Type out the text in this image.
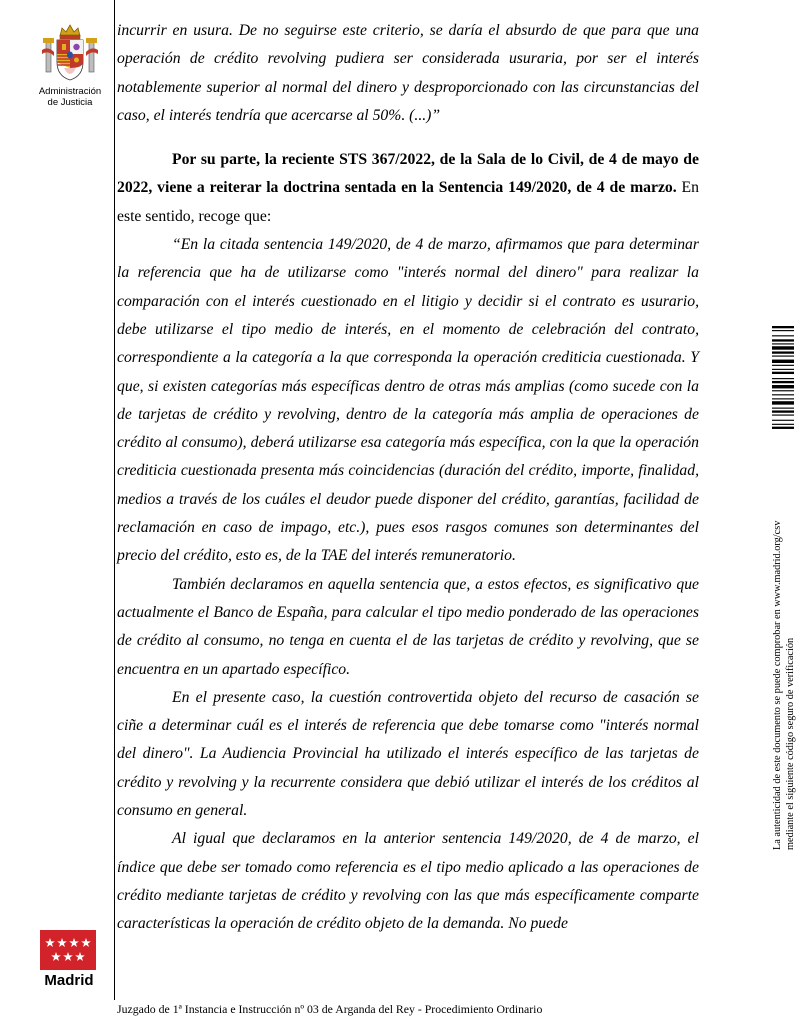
Administración
de Justicia

incurrir en usura. De no seguirse este criterio, se daría el absurdo de que para que una operación de crédito revolving pudiera ser considerada usuraria, por ser el interés notablemente superior al normal del dinero y desproporcionado con las circunstancias del caso, el interés tendría que acercarse al 50%. (...)”

Por su parte, la reciente STS 367/2022, de la Sala de lo Civil, de 4 de mayo de 2022, viene a reiterar la doctrina sentada en la Sentencia 149/2020, de 4 de marzo. En este sentido, recoge que:

“En la citada sentencia 149/2020, de 4 de marzo, afirmamos que para determinar la referencia que ha de utilizarse como "interés normal del dinero" para realizar la comparación con el interés cuestionado en el litigio y decidir si el contrato es usurario, debe utilizarse el tipo medio de interés, en el momento de celebración del contrato, correspondiente a la categoría a la que corresponda la operación crediticia cuestionada. Y que, si existen categorías más específicas dentro de otras más amplias (como sucede con la de tarjetas de crédito y revolving, dentro de la categoría más amplia de operaciones de crédito al consumo), deberá utilizarse esa categoría más específica, con la que la operación crediticia cuestionada presenta más coincidencias (duración del crédito, importe, finalidad, medios a través de los cuáles el deudor puede disponer del crédito, garantías, facilidad de reclamación en caso de impago, etc.), pues esos rasgos comunes son determinantes del precio del crédito, esto es, de la TAE del interés remuneratorio.

También declaramos en aquella sentencia que, a estos efectos, es significativo que actualmente el Banco de España, para calcular el tipo medio ponderado de las operaciones de crédito al consumo, no tenga en cuenta el de las tarjetas de crédito y revolving, que se encuentra en un apartado específico.

En el presente caso, la cuestión controvertida objeto del recurso de casación se ciñe a determinar cuál es el interés de referencia que debe tomarse como "interés normal del dinero". La Audiencia Provincial ha utilizado el interés específico de las tarjetas de crédito y revolving y la recurrente considera que debió utilizar el interés de los créditos al consumo en general.

Al igual que declaramos en la anterior sentencia 149/2020, de 4 de marzo, el índice que debe ser tomado como referencia es el tipo medio aplicado a las operaciones de crédito mediante tarjetas de crédito y revolving con las que más específicamente comparte características la operación de crédito objeto de la demanda. No puede

Madrid
Juzgado de 1ª Instancia e Instrucción nº 03 de Arganda del Rey - Procedimiento Ordinario
La autenticidad de este documento se puede comprobar en www.madrid.org/csv mediante el siguiente código seguro de verificación
